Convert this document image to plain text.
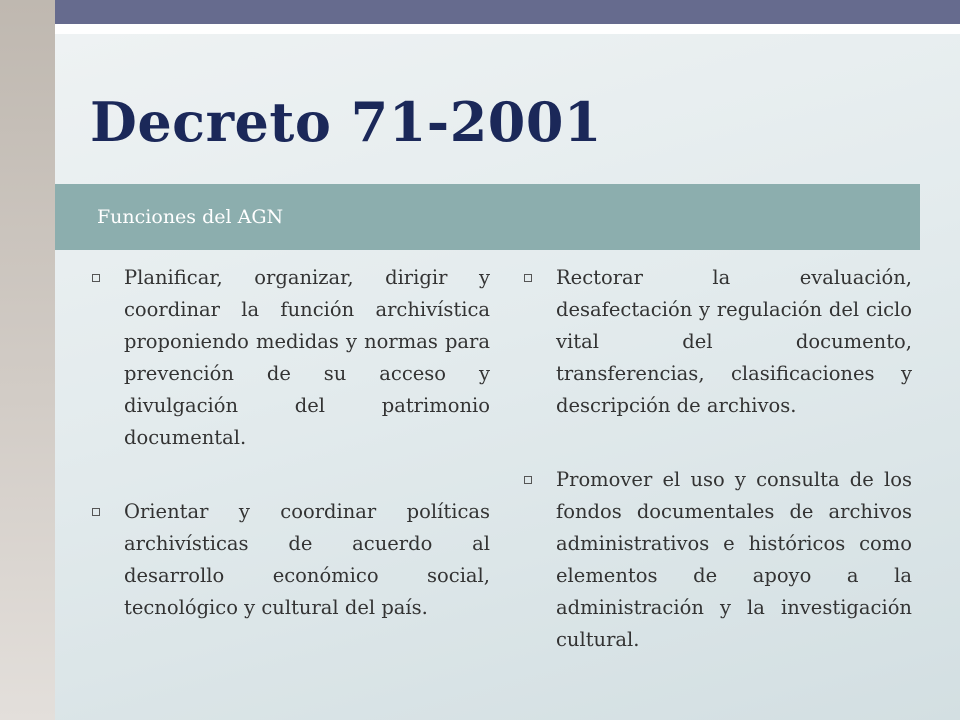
Decreto 71-2001
Funciones del AGN
Planificar, organizar, dirigir y coordinar la función archivística proponiendo medidas y normas para prevención de su acceso y divulgación del patrimonio documental.
Orientar y coordinar políticas archivísticas de acuerdo al desarrollo económico social, tecnológico y cultural del país.
Rectorar la evaluación, desafectación y regulación del ciclo vital del documento, transferencias, clasificaciones y descripción de archivos.
Promover el uso y consulta de los fondos documentales de archivos administrativos e históricos como elementos de apoyo a la administración y la investigación cultural.
